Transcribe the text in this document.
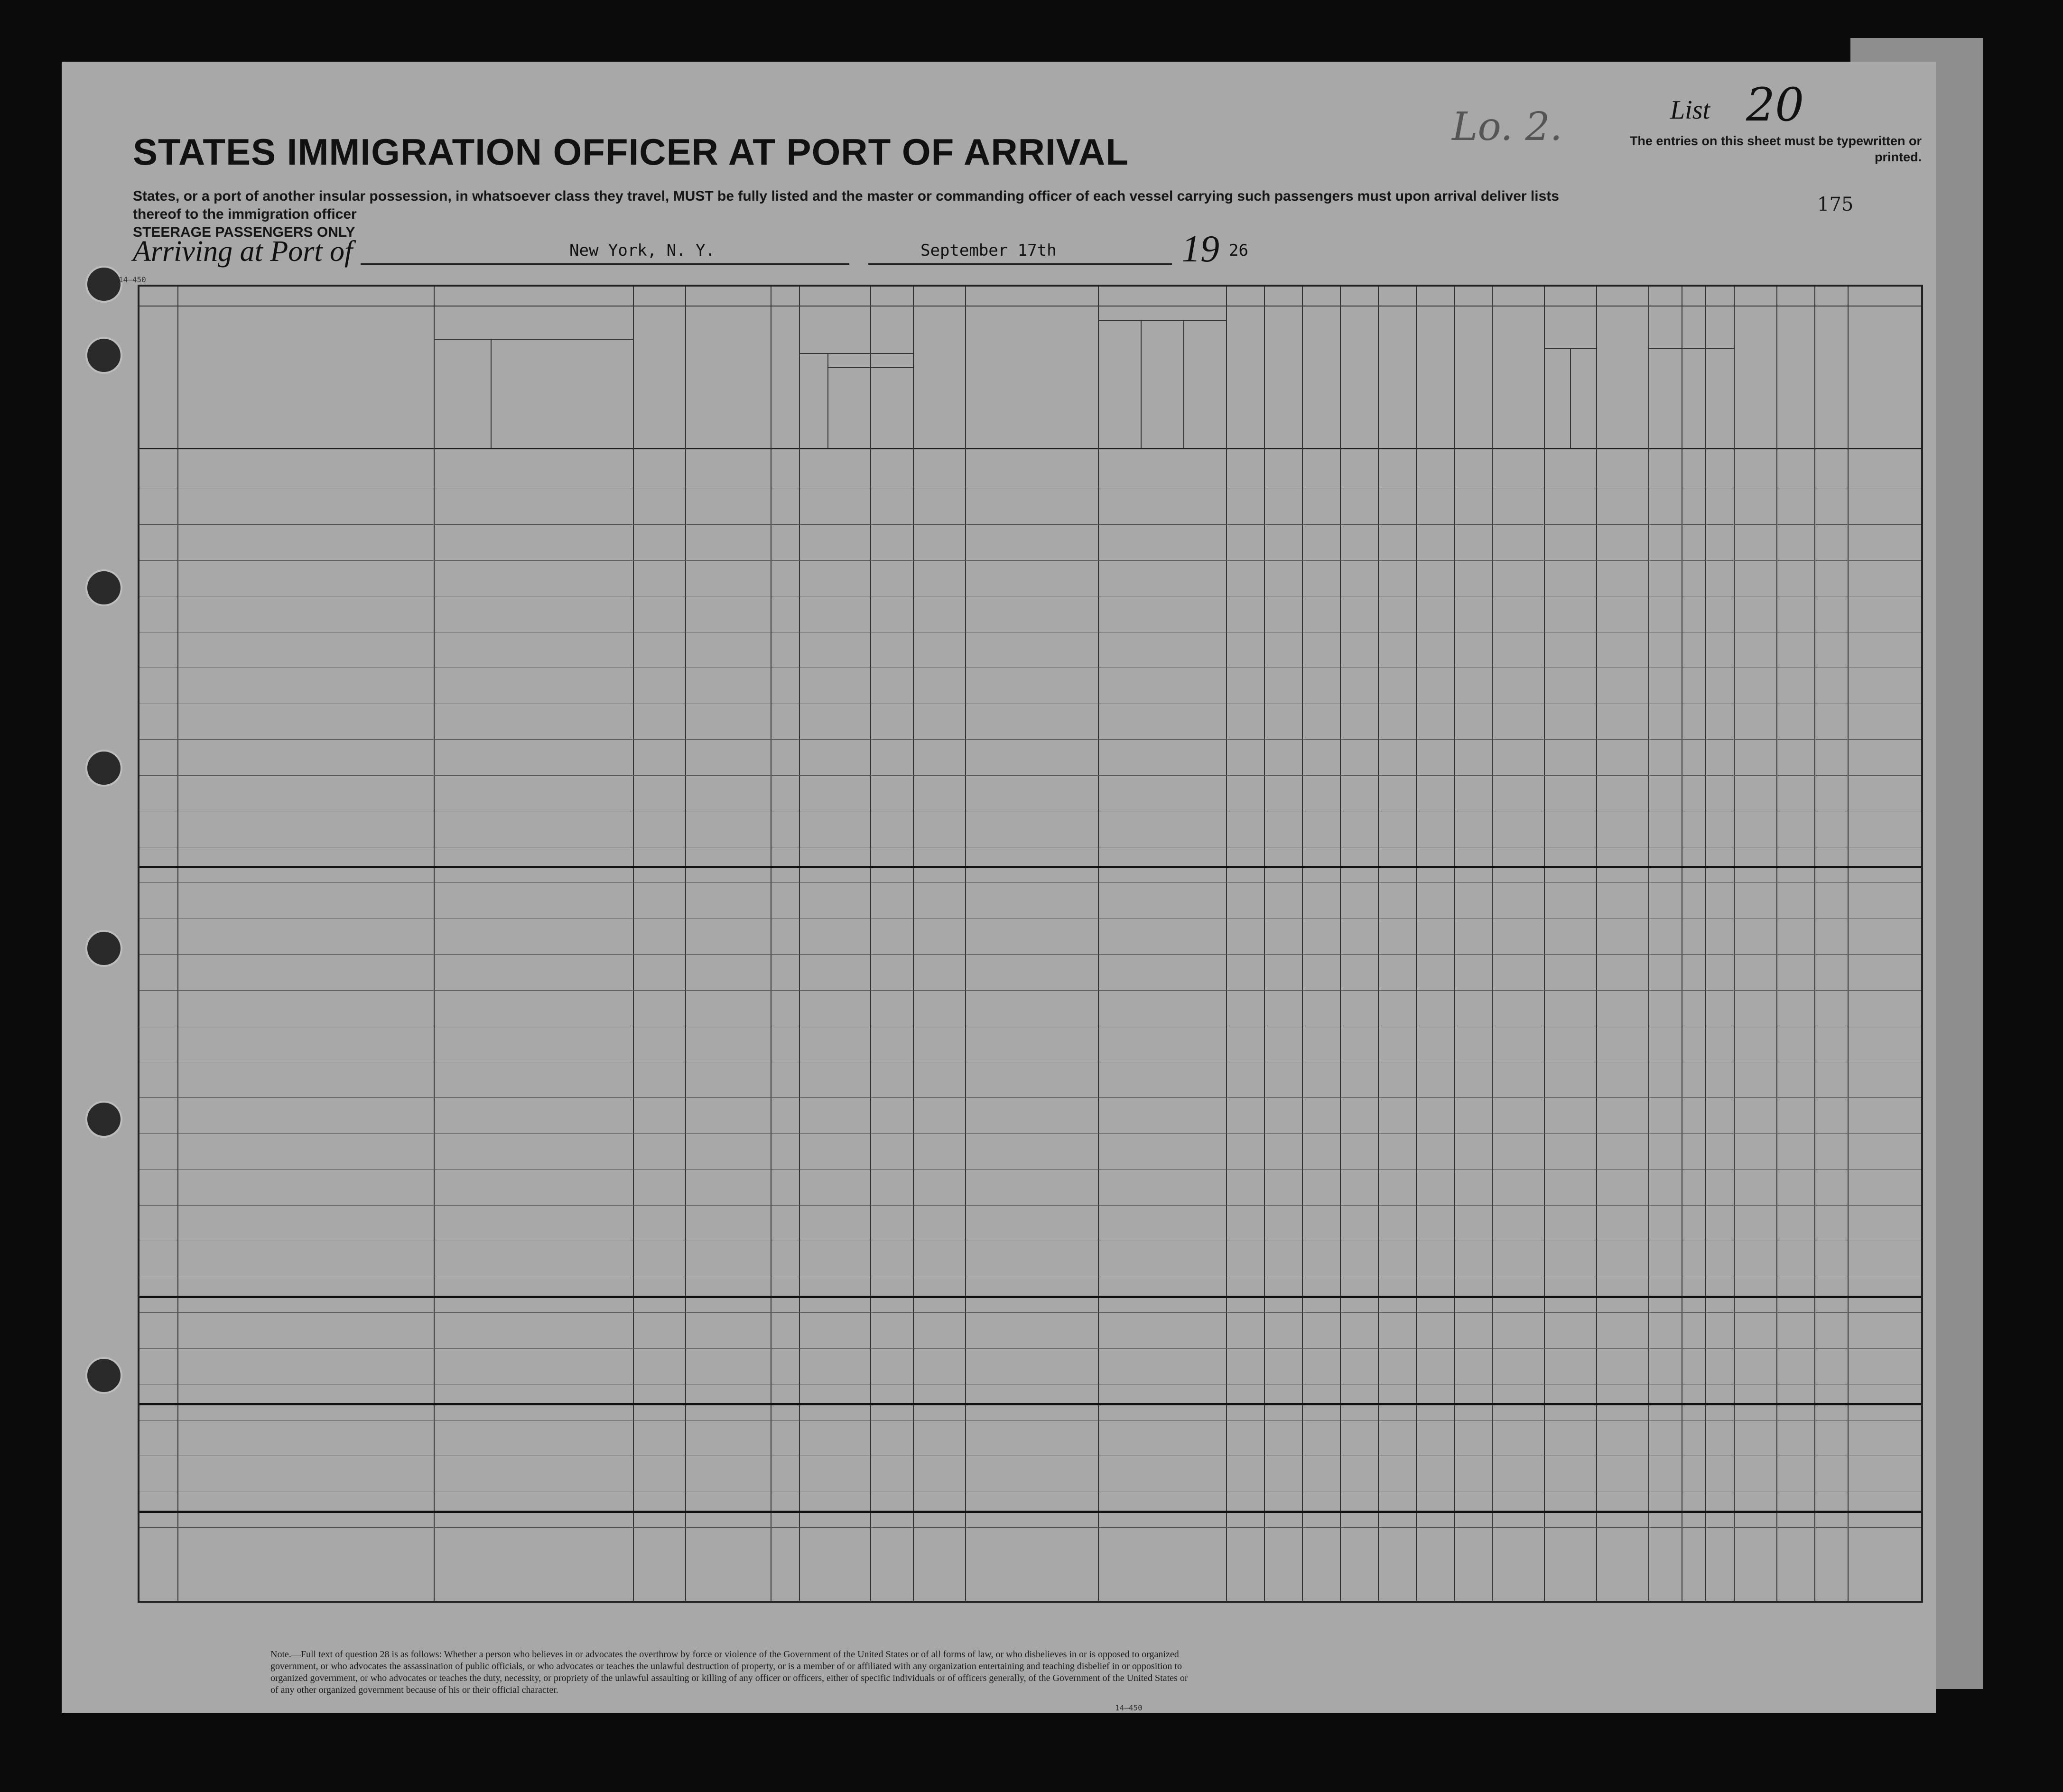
STATES IMMIGRATION OFFICER AT PORT OF ARRIVAL
States, or a port of another insular possession, in whatsoever class they travel, MUST be fully listed and the master or commanding officer of each vessel carrying such passengers must upon arrival deliver lists thereof to the immigration officer
STEERAGE PASSENGERS ONLY
Lo. 2.	List 20
The entries on this sheet must be typewritten or printed.
175
Arriving at Port of	New York, N. Y.	September 17th	19 26
14—450
Note.—Full text of question 28 is as follows: Whether a person who believes in or advocates the overthrow by force or violence of the Government of the United States or of all forms of law, or who disbelieves in or is opposed to organized government, or who advocates the assassination of public officials, or who advocates or teaches the unlawful destruction of property, or is a member of or affiliated with any organization entertaining and teaching disbelief in or opposition to organized government, or who advocates or teaches the duty, necessity, or propriety of the unlawful assaulting or killing of any officer or officers, either of specific individuals or of officers generally, of the Government of the United States or of any other organized government because of his or their official character.
14—450
